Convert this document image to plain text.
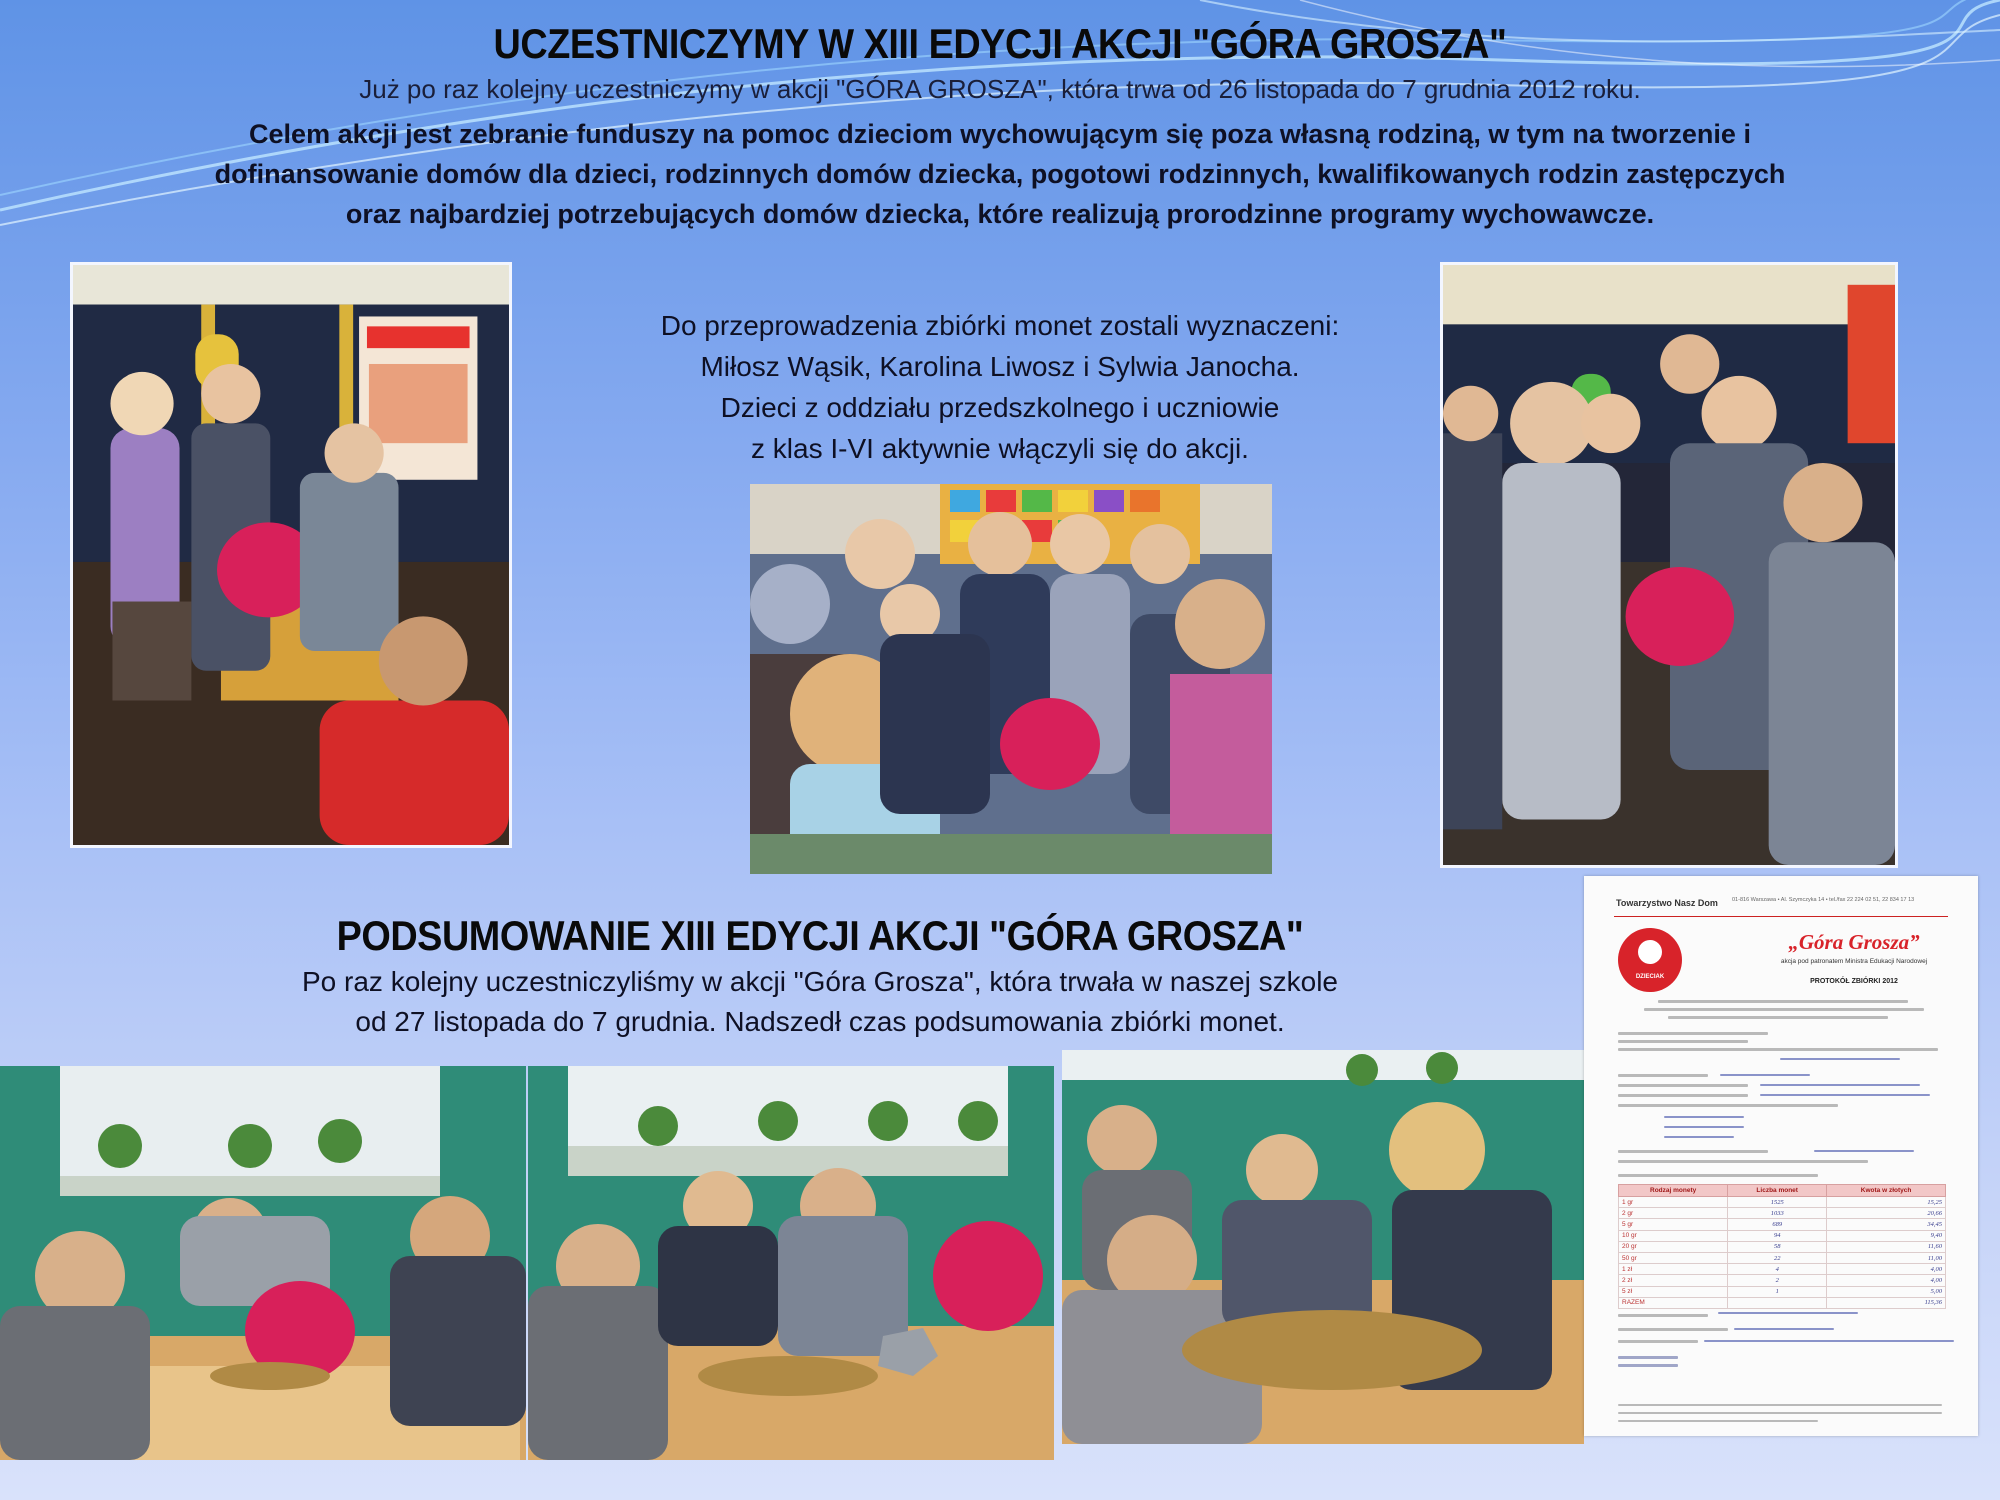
UCZESTNICZYMY W XIII EDYCJI AKCJI "GÓRA GROSZA"
Już po raz kolejny uczestniczymy w akcji "GÓRA GROSZA", która trwa od 26 listopada do 7 grudnia 2012 roku.
Celem akcji jest zebranie funduszy na pomoc dzieciom wychowującym się poza własną rodziną, w tym na tworzenie i
dofinansowanie domów dla dzieci, rodzinnych domów dziecka, pogotowi rodzinnych, kwalifikowanych rodzin zastępczych
oraz najbardziej potrzebujących domów dziecka, które realizują prorodzinne programy wychowawcze.
Do przeprowadzenia zbiórki monet zostali wyznaczeni:
Miłosz Wąsik, Karolina Liwosz i Sylwia Janocha.
Dzieci z oddziału przedszkolnego i uczniowie
z klas I-VI aktywnie włączyli się do akcji.
PODSUMOWANIE XIII EDYCJI AKCJI "GÓRA GROSZA"
Po raz kolejny uczestniczyliśmy w akcji "Góra Grosza", która trwała w naszej szkole
od 27 listopada do 7 grudnia. Nadszedł czas podsumowania zbiórki monet.
Towarzystwo Nasz Dom	01-816 Warszawa • Al. Szymczyka 14 • tel./fax 22 224 02 51, 22 834 17 13
DZIECIAK
„Góra Grosza”
akcja pod patronatem Ministra Edukacji Narodowej
PROTOKÓŁ ZBIÓRKI 2012
Rodzaj monety	Liczba monet	Kwota w złotych
1 gr	1525	15,25
2 gr	1033	20,66
5 gr	689	34,45
10 gr	94	9,40
20 gr	58	11,60
50 gr	22	11,00
1 zł	4	4,00
2 zł	2	4,00
5 zł	1	5,00
RAZEM		115,36
